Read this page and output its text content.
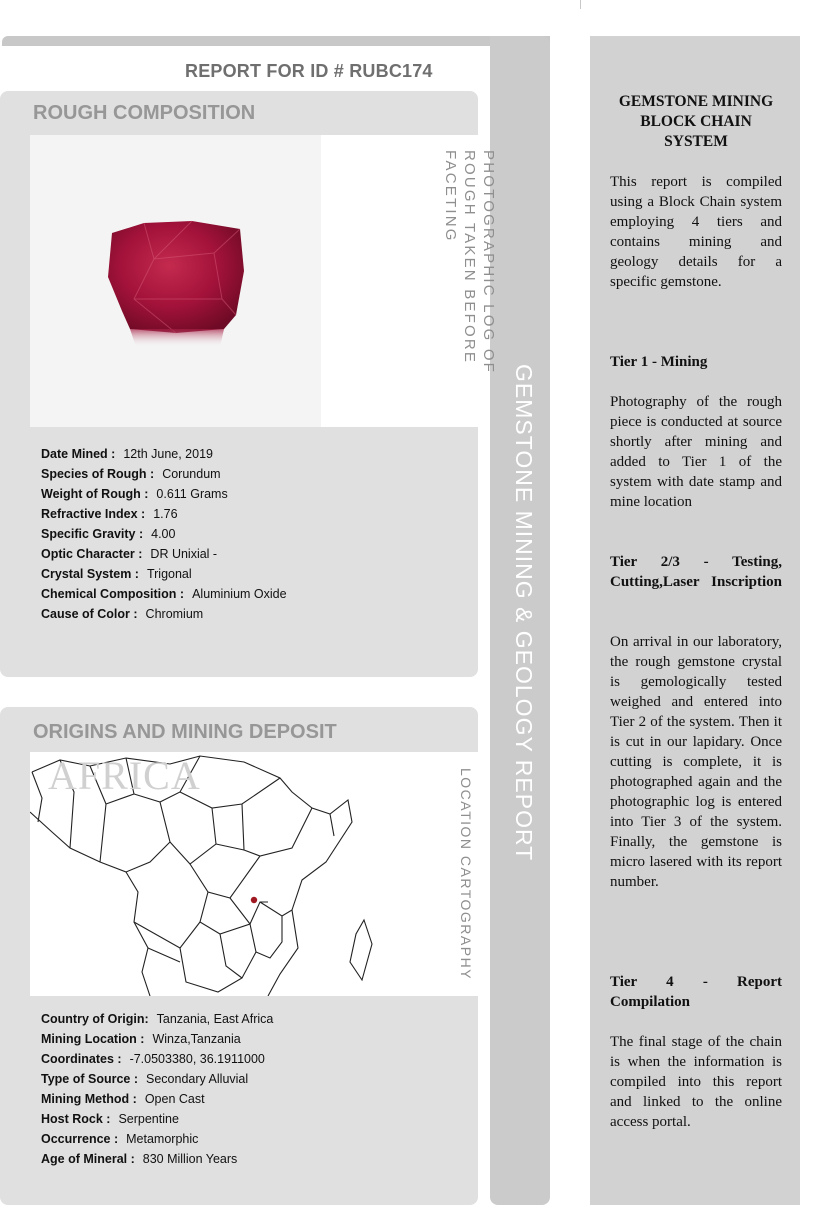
GEMSTONE MINING & GEOLOGY REPORT
REPORT FOR ID # RUBC174
ROUGH COMPOSITION
PHOTOGRAPHIC LOG OF ROUGH TAKEN BEFORE FACETING
Date Mined : 12th June, 2019
Species of Rough : Corundum
Weight of Rough : 0.611 Grams
Refractive Index : 1.76
Specific Gravity : 4.00
Optic Character : DR Unixial -
Crystal System : Trigonal
Chemical Composition : Aluminium Oxide
Cause of Color : Chromium
ORIGINS AND MINING DEPOSIT
AFRICA	LOCATION CARTOGRAPHY
Country of Origin: Tanzania, East Africa
Mining Location : Winza,Tanzania
Coordinates : -7.0503380, 36.1911000
Type of Source : Secondary Alluvial
Mining Method : Open Cast
Host Rock : Serpentine
Occurrence : Metamorphic
Age of Mineral : 830 Million Years
GEMSTONE MINING BLOCK CHAIN SYSTEM
This report is compiled using a Block Chain system employing 4 tiers and contains mining and geology details for a specific gemstone.
Tier 1 - Mining
Photography of the rough piece is conducted at source shortly after mining and added to Tier 1 of the system with date stamp and mine location
Tier 2/3 - Testing, Cutting,Laser Inscription
On arrival in our laboratory, the rough gemstone crystal is gemologically tested weighed and entered into Tier 2 of the system. Then it is cut in our lapidary. Once cutting is complete, it is photographed again and the photographic log is entered into Tier 3 of the system. Finally, the gemstone is micro lasered with its report number.
Tier 4 - Report Compilation
The final stage of the chain is when the information is compiled into this report and linked to the online access portal.
